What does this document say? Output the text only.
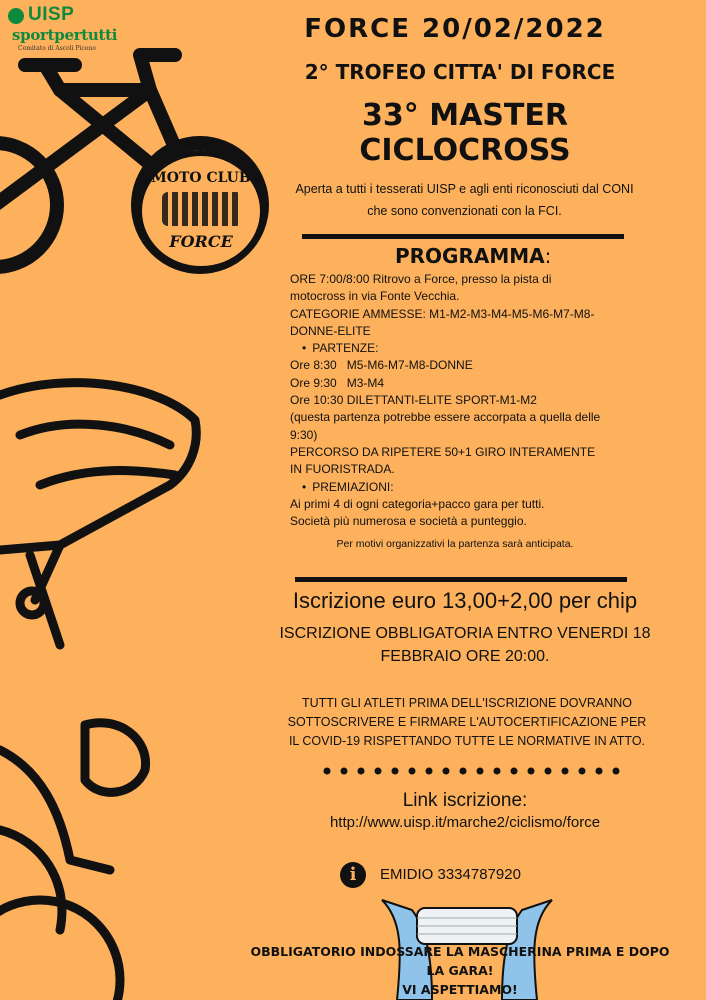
MOTO CLUB
FORCE
UISP
sportpertutti
Comitato di Ascoli Piceno
FORCE 20/02/2022
2° TROFEO CITTA' DI FORCE
33° MASTER CICLOCROSS
Aperta a tutti i tesserati UISP e agli enti riconosciuti dal CONI che sono convenzionati con la FCI.
PROGRAMMA:
ORE 7:00/8:00 Ritrovo a Force, presso la pista di motocross in via Fonte Vecchia.
CATEGORIE AMMESSE: M1-M2-M3-M4-M5-M6-M7-M8-DONNE-ELITE
• PARTENZE:
Ore 8:30   M5-M6-M7-M8-DONNE
Ore 9:30   M3-M4
Ore 10:30 DILETTANTI-ELITE SPORT-M1-M2
(questa partenza potrebbe essere accorpata a quella delle 9:30)
PERCORSO DA RIPETERE 50+1 GIRO INTERAMENTE IN FUORISTRADA.
• PREMIAZIONI:
Ai primi 4 di ogni categoria+pacco gara per tutti.
Società più numerosa e società a punteggio.
Per motivi organizzativi la partenza sarà anticipata.
Iscrizione euro 13,00+2,00 per chip
ISCRIZIONE OBBLIGATORIA ENTRO VENERDI 18 FEBBRAIO ORE 20:00.
TUTTI GLI ATLETI PRIMA DELL'ISCRIZIONE DOVRANNO SOTTOSCRIVERE E FIRMARE L'AUTOCERTIFICAZIONE PER IL COVID-19 RISPETTANDO TUTTE LE NORMATIVE IN ATTO.
Link iscrizione:
http://www.uisp.it/marche2/ciclismo/force
i	EMIDIO 3334787920
OBBLIGATORIO INDOSSARE LA MASCHERINA PRIMA E DOPO LA GARA!
VI ASPETTIAMO!
